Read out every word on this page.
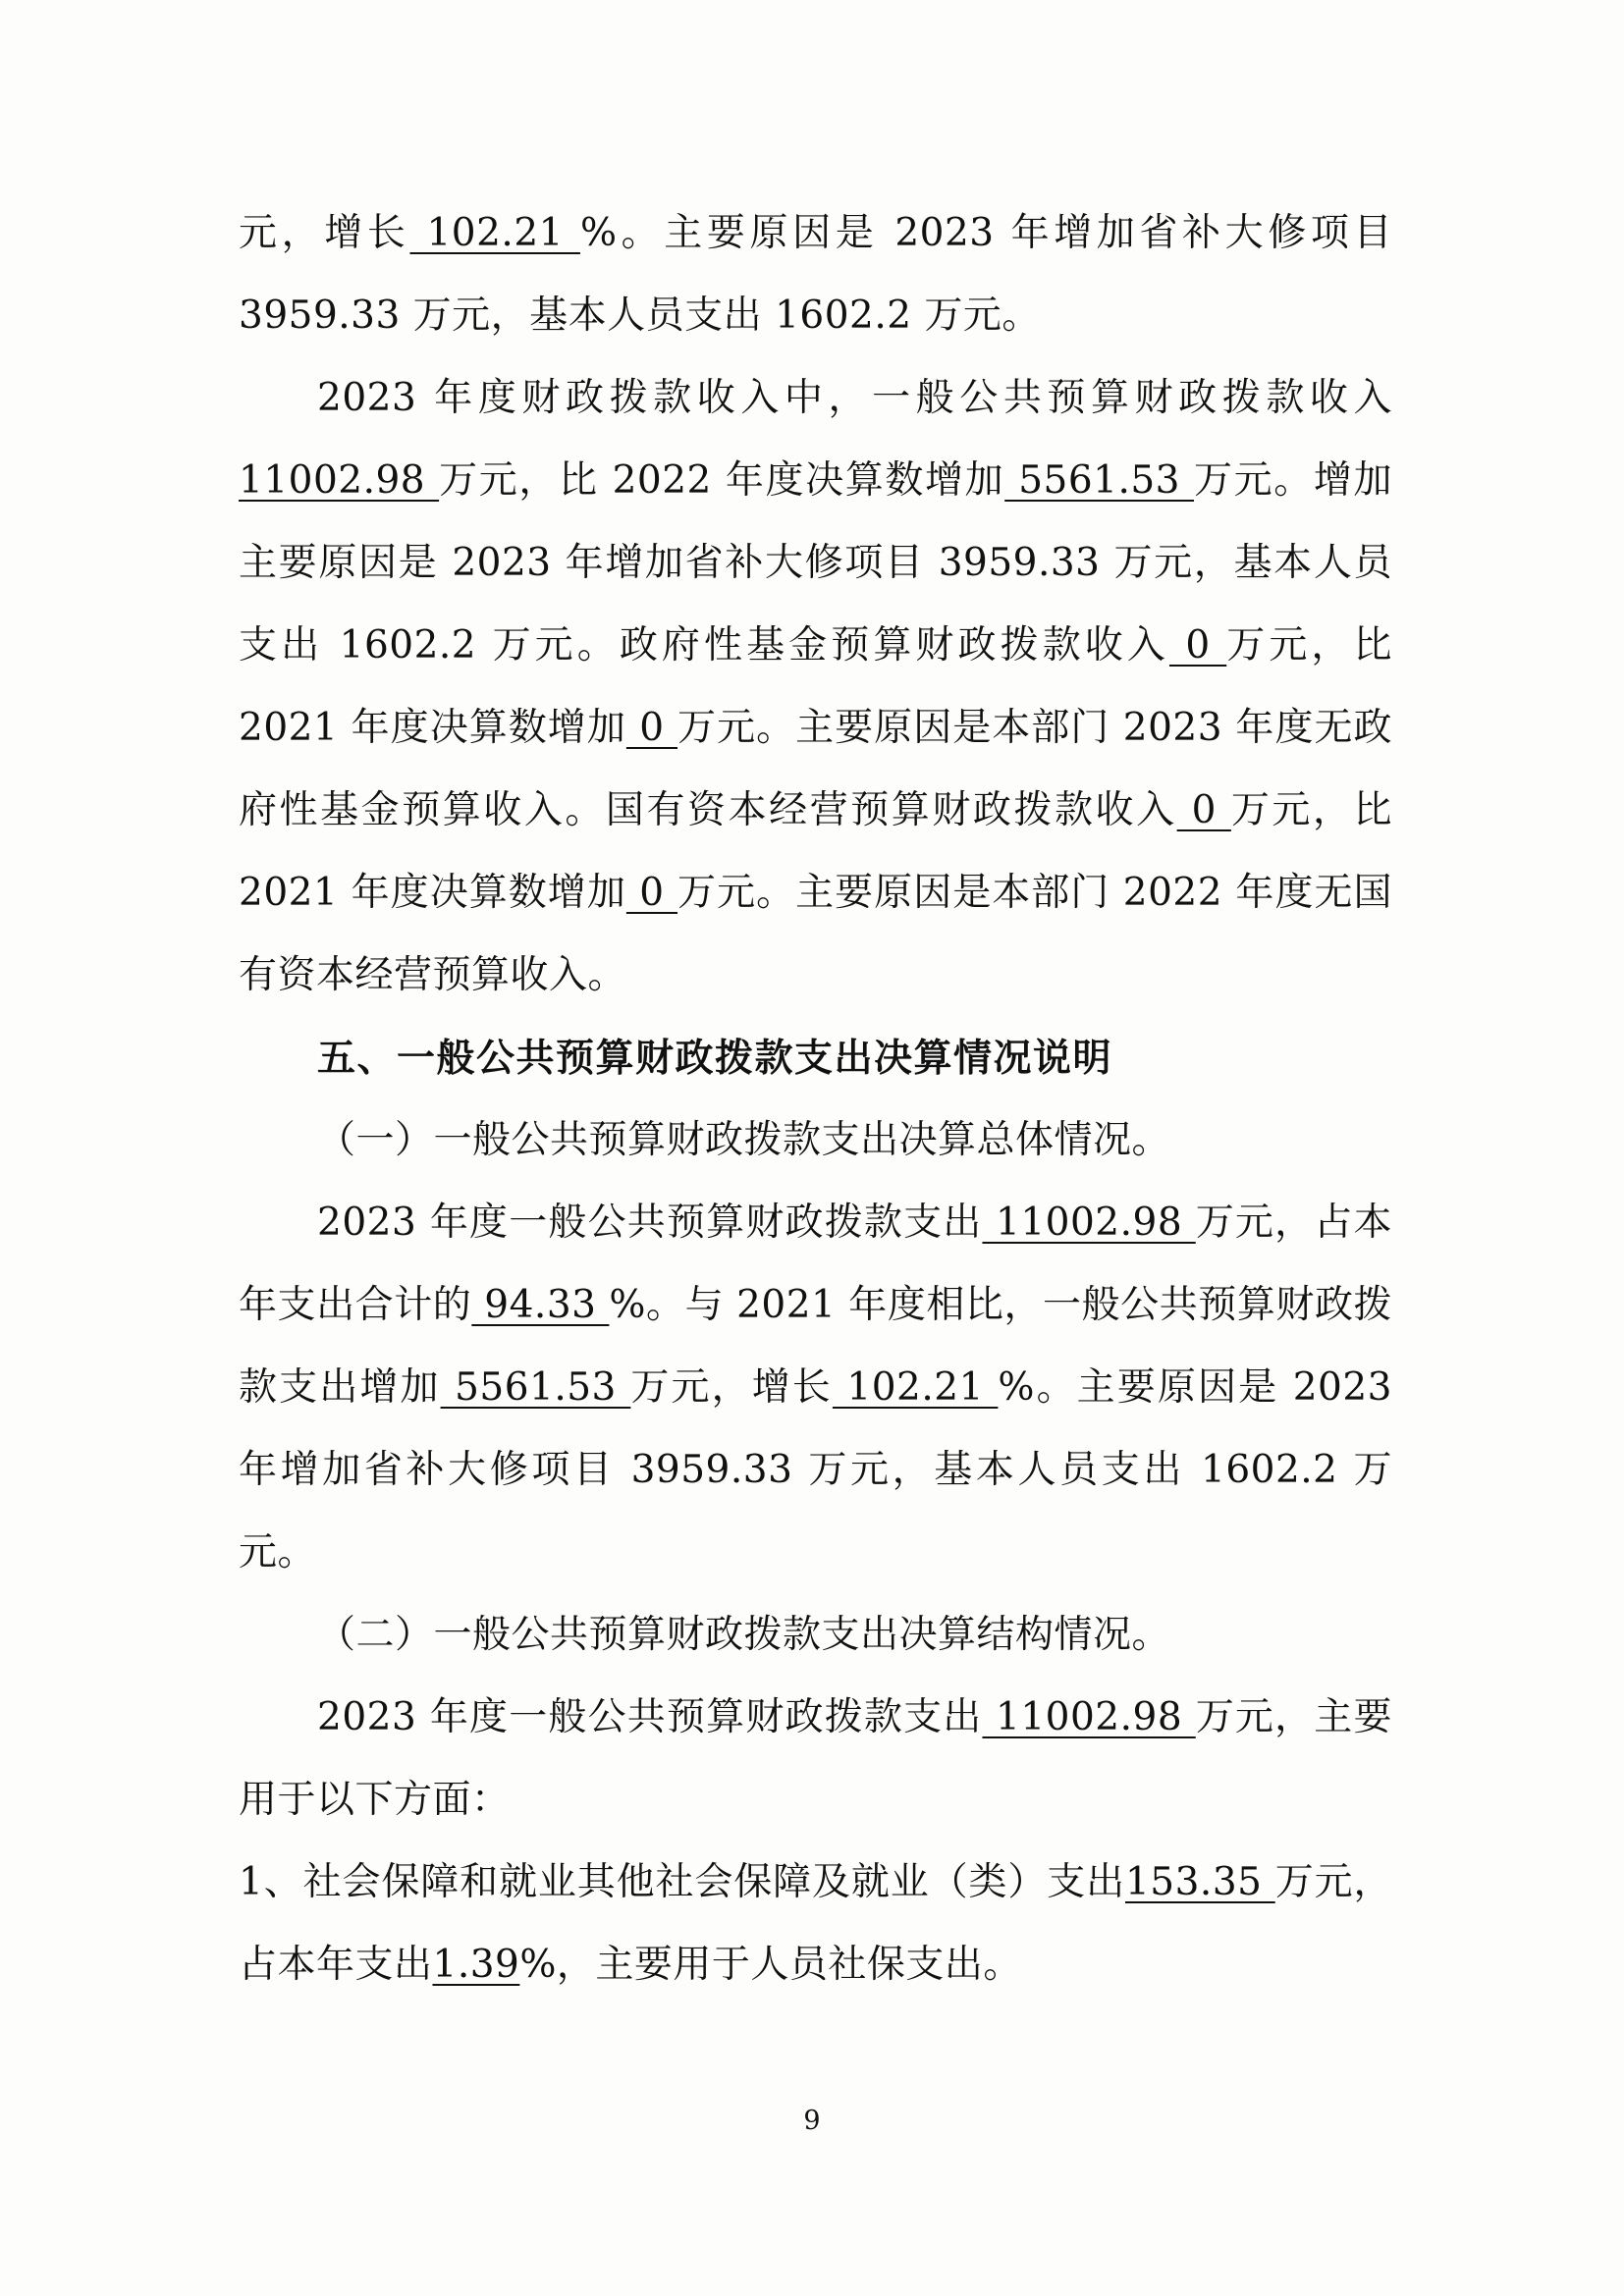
元，增长 102.21 %。主要原因是 2023 年增加省补大修项目 3959.33 万元，基本人员支出 1602.2 万元。

2023 年度财政拨款收入中，一般公共预算财政拨款收入11002.98 万元，比 2022 年度决算数增加 5561.53 万元。增加主要原因是 2023 年增加省补大修项目 3959.33 万元，基本人员支出 1602.2 万元。政府性基金预算财政拨款收入 0 万元，比 2021 年度决算数增加 0 万元。主要原因是本部门 2023 年度无政府性基金预算收入。国有资本经营预算财政拨款收入 0 万元，比 2021 年度决算数增加 0 万元。主要原因是本部门 2022 年度无国有资本经营预算收入。

五、一般公共预算财政拨款支出决算情况说明

（一）一般公共预算财政拨款支出决算总体情况。

2023 年度一般公共预算财政拨款支出 11002.98 万元，占本年支出合计的 94.33 %。与 2021 年度相比，一般公共预算财政拨款支出增加 5561.53 万元，增长 102.21 %。主要原因是 2023 年增加省补大修项目 3959.33 万元，基本人员支出 1602.2 万元。

（二）一般公共预算财政拨款支出决算结构情况。

2023 年度一般公共预算财政拨款支出 11002.98 万元，主要用于以下方面：

1、社会保障和就业其他社会保障及就业（类）支出153.35 万元，占本年支出1.39%，主要用于人员社保支出。

9
